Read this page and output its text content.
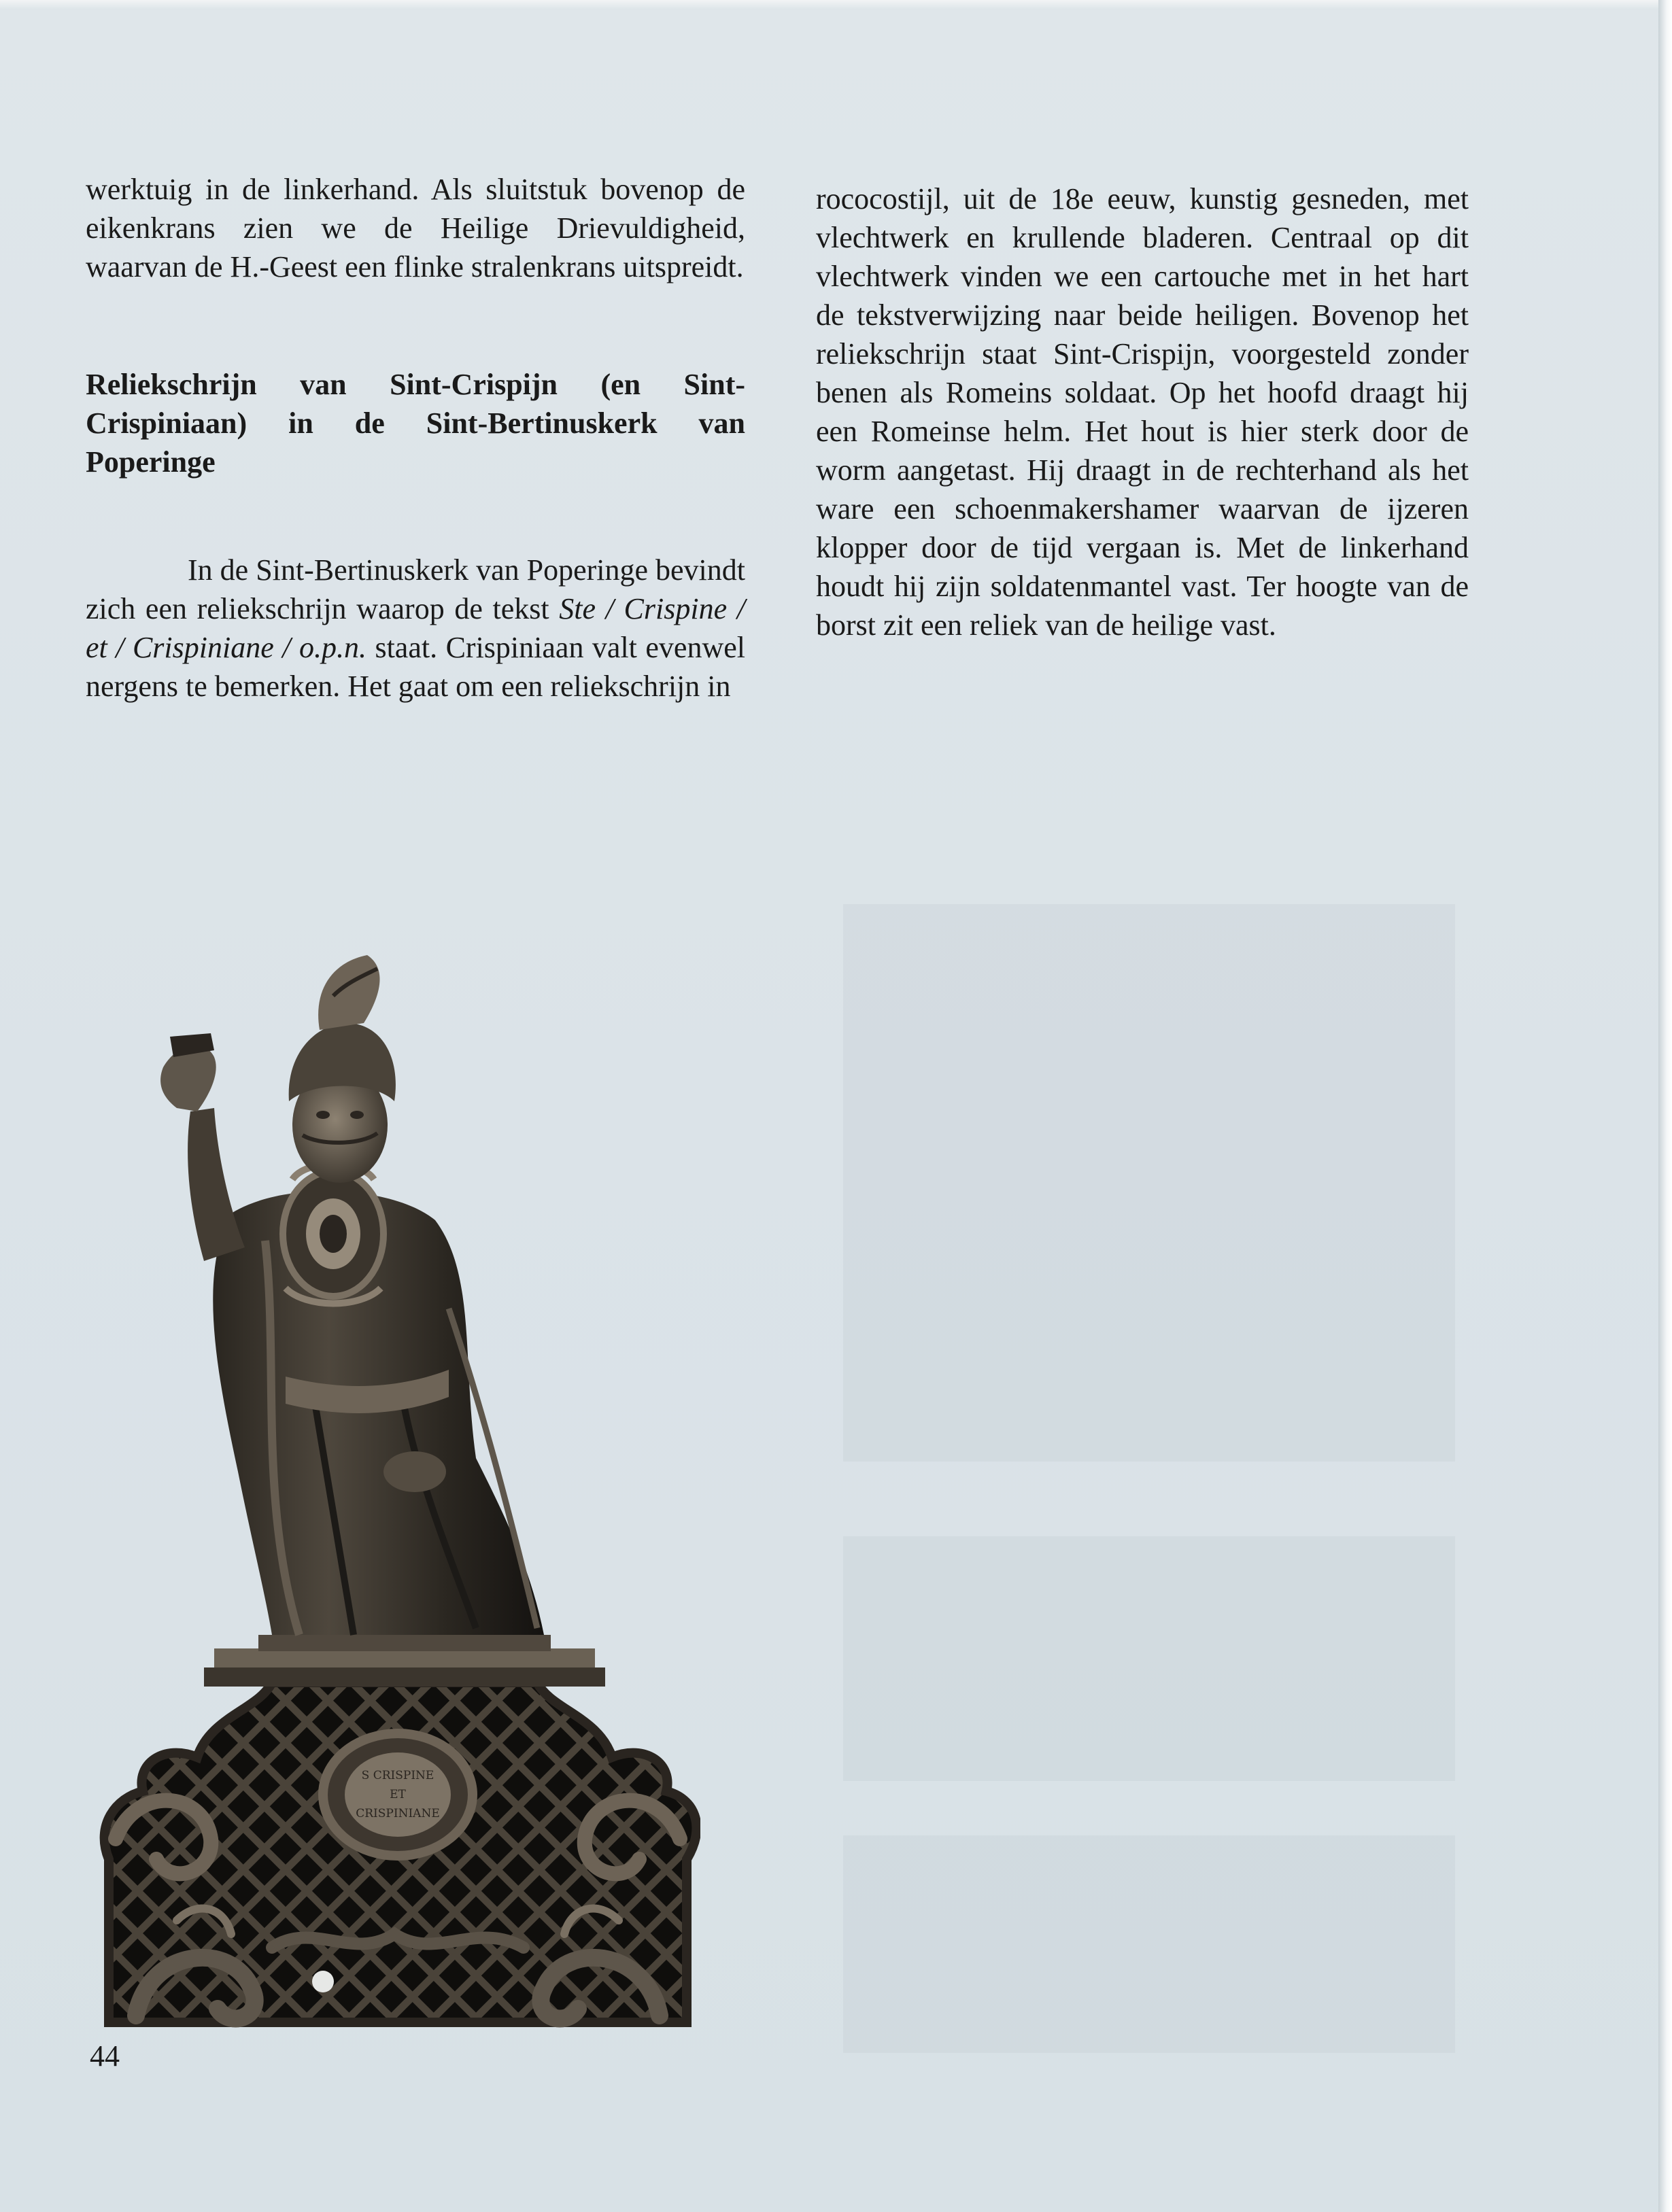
werktuig in de linkerhand. Als sluitstuk bovenop de eikenkrans zien we de Heilige Drievuldigheid, waarvan de H.-Geest een flinke stralenkrans uitspreidt.

Reliekschrijn van Sint-Crispijn (en Sint-Crispiniaan) in de Sint-Bertinuskerk van Poperinge

In de Sint-Bertinuskerk van Poperinge bevindt zich een reliekschrijn waarop de tekst Ste / Crispine / et / Crispiniane / o.p.n. staat. Crispiniaan valt evenwel nergens te bemerken. Het gaat om een reliekschrijn in

rococostijl, uit de 18e eeuw, kunstig gesneden, met vlechtwerk en krullende bladeren. Centraal op dit vlechtwerk vinden we een cartouche met in het hart de tekstverwijzing naar beide heiligen. Bovenop het reliekschrijn staat Sint-Crispijn, voorgesteld zonder benen als Romeins soldaat. Op het hoofd draagt hij een Romeinse helm. Het hout is hier sterk door de worm aangetast. Hij draagt in de rechterhand als het ware een schoenmakershamer waarvan de ijzeren klopper door de tijd vergaan is. Met de linkerhand houdt hij zijn soldatenmantel vast. Ter hoogte van de borst zit een reliek van de heilige vast.

S CRISPINE
ET
CRISPINIANE
44
